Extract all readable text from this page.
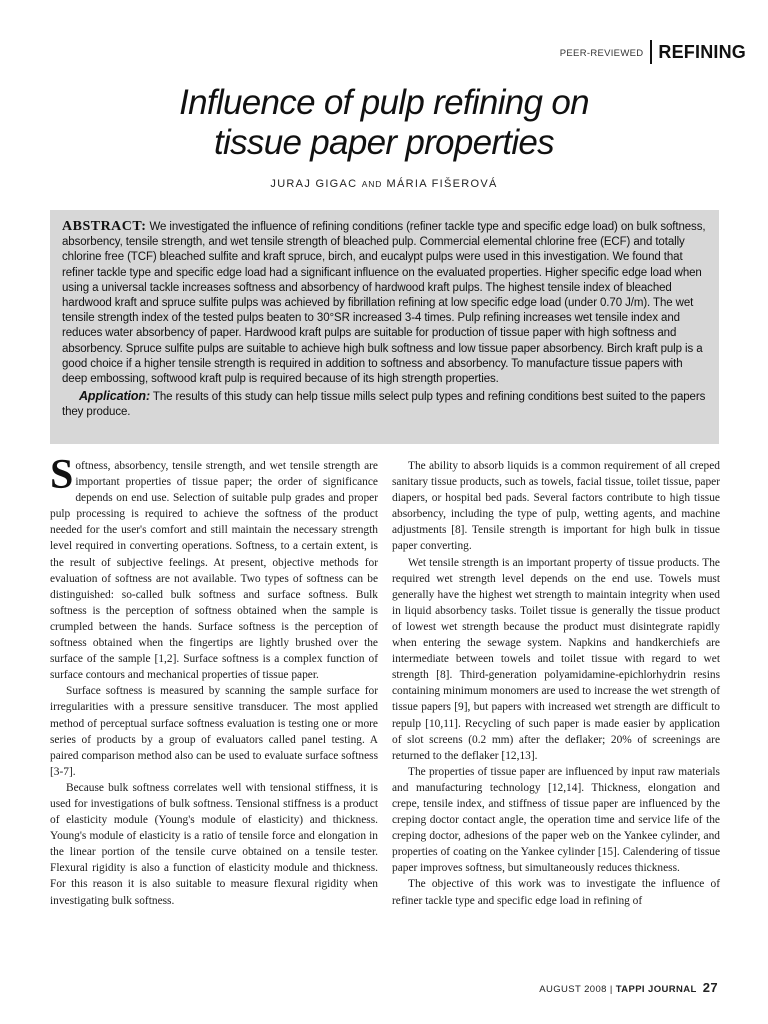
PEER-REVIEWED REFINING
Influence of pulp refining on
tissue paper properties
JURAJ GIGAC AND MÁRIA FIŠEROVÁ

ABSTRACT: We investigated the influence of refining conditions (refiner tackle type and specific edge load) on bulk softness, absorbency, tensile strength, and wet tensile strength of bleached pulp. Commercial elemental chlorine free (ECF) and totally chlorine free (TCF) bleached sulfite and kraft spruce, birch, and eucalypt pulps were used in this investigation. We found that refiner tackle type and specific edge load had a significant influence on the evaluated properties. Higher specific edge load when using a universal tackle increases softness and absorbency of hardwood kraft pulps. The highest tensile index of bleached hardwood kraft and spruce sulfite pulps was achieved by fibrillation refining at low specific edge load (under 0.70 J/m). The wet tensile strength index of the tested pulps beaten to 30°SR increased 3-4 times. Pulp refining increases wet tensile index and reduces water absorbency of paper. Hardwood kraft pulps are suitable for production of tissue paper with high softness and absorbency. Spruce sulfite pulps are suitable to achieve high bulk softness and low tissue paper absorbency. Birch kraft pulp is a good choice if a higher tensile strength is required in addition to softness and absorbency. To manufacture tissue papers with deep embossing, softwood kraft pulp is required because of its high strength properties.

Application: The results of this study can help tissue mills select pulp types and refining conditions best suited to the papers they produce.

Softness, absorbency, tensile strength, and wet tensile strength are important properties of tissue paper; the order of significance depends on end use. Selection of suitable pulp grades and proper pulp processing is required to achieve the softness of the product needed for the user's comfort and still maintain the necessary strength level required in converting operations. Softness, to a certain extent, is the result of subjective feelings. At present, objective methods for evaluation of softness are not available. Two types of softness can be distinguished: so-called bulk softness and surface softness. Bulk softness is the perception of softness obtained when the sample is crumpled between the hands. Surface softness is the perception of softness obtained when the fingertips are lightly brushed over the surface of the sample [1,2]. Surface softness is a complex function of surface contours and mechanical properties of tissue paper.

Surface softness is measured by scanning the sample surface for irregularities with a pressure sensitive transducer. The most applied method of perceptual surface softness evaluation is testing one or more series of products by a group of evaluators called panel testing. A paired comparison method also can be used to evaluate surface softness [3-7].

Because bulk softness correlates well with tensional stiffness, it is used for investigations of bulk softness. Tensional stiffness is a product of elasticity module (Young's module of elasticity) and thickness. Young's module of elasticity is a ratio of tensile force and elongation in the linear portion of the tensile curve obtained on a tensile tester. Flexural rigidity is also a function of elasticity module and thickness. For this reason it is also suitable to measure flexural rigidity when investigating bulk softness.

The ability to absorb liquids is a common requirement of all creped sanitary tissue products, such as towels, facial tissue, toilet tissue, paper diapers, or hospital bed pads. Several factors contribute to high tissue absorbency, including the type of pulp, wetting agents, and machine adjustments [8]. Tensile strength is important for high bulk in tissue paper converting.

Wet tensile strength is an important property of tissue products. The required wet strength level depends on the end use. Towels must generally have the highest wet strength to maintain integrity when used in liquid absorbency tasks. Toilet tissue is generally the tissue product of lowest wet strength because the product must disintegrate rapidly when entering the sewage system. Napkins and handkerchiefs are intermediate between towels and toilet tissue with regard to wet strength [8]. Third-generation polyamidamine-epichlorhydrin resins containing minimum monomers are used to increase the wet strength of tissue papers [9], but papers with increased wet strength are difficult to repulp [10,11]. Recycling of such paper is made easier by application of slot screens (0.2 mm) after the deflaker; 20% of screenings are returned to the deflaker [12,13].

The properties of tissue paper are influenced by input raw materials and manufacturing technology [12,14]. Thickness, elongation and crepe, tensile index, and stiffness of tissue paper are influenced by the creping doctor contact angle, the operation time and service life of the creping doctor, adhesions of the paper web on the Yankee cylinder, and properties of coating on the Yankee cylinder [15]. Calendering of tissue paper improves softness, but simultaneously reduces thickness.

The objective of this work was to investigate the influence of refiner tackle type and specific edge load in refining of

AUGUST 2008 | TAPPI JOURNAL 27
